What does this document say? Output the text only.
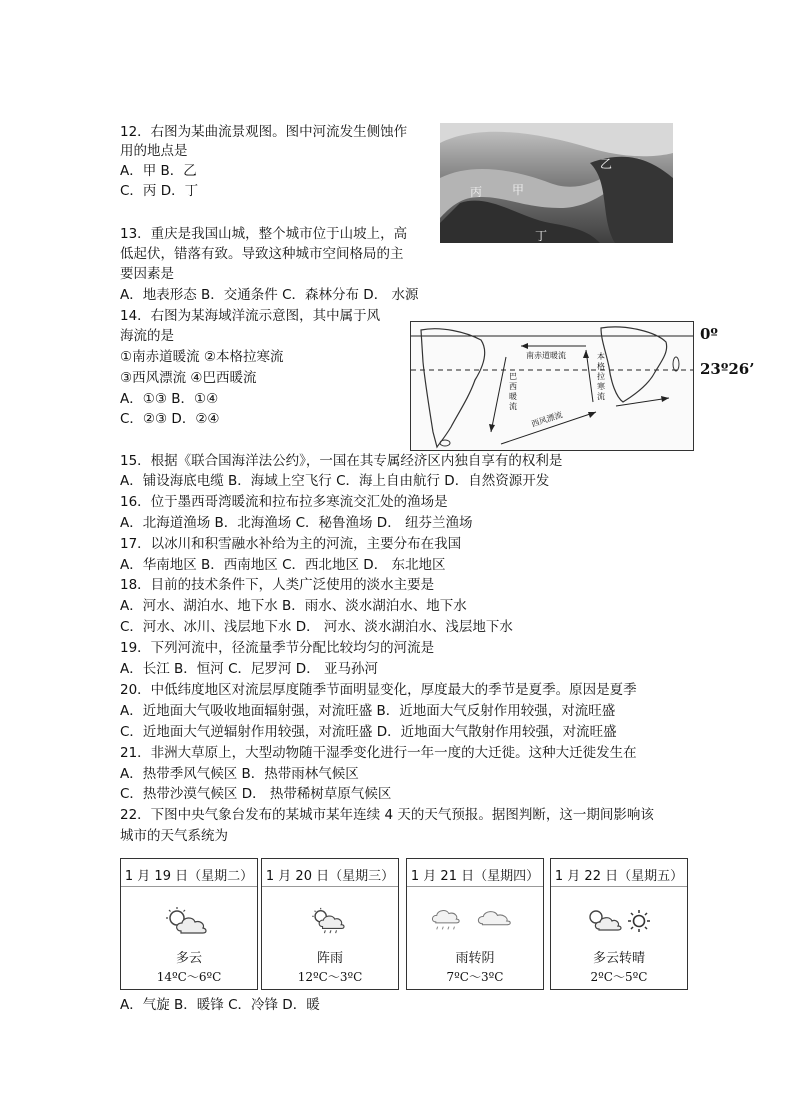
12．右图为某曲流景观图。图中河流发生侧蚀作
用的地点是
A．甲 B．乙
C．丙 D．丁
乙
丙 甲
丁
13．重庆是我国山城，整个城市位于山坡上，高
低起伏，错落有致。导致这种城市空间格局的主
要因素是
A．地表形态 B．交通条件 C．森林分布 D． 水源
14．右图为某海域洋流示意图，其中属于风
海流的是
①南赤道暖流 ②本格拉寒流
③西风漂流 ④巴西暖流
A．①③ B．①④
C．②③ D．②④
南赤道暖流
巴西暖流
本格拉寒流
西风漂流
0º
23º26’
15．根据《联合国海洋法公约》，一国在其专属经济区内独自享有的权利是
A．铺设海底电缆 B．海域上空飞行 C．海上自由航行 D．自然资源开发
16．位于墨西哥湾暖流和拉布拉多寒流交汇处的渔场是
A．北海道渔场 B．北海渔场 C．秘鲁渔场 D． 纽芬兰渔场
17．以冰川和积雪融水补给为主的河流，主要分布在我国
A．华南地区 B．西南地区 C．西北地区 D． 东北地区
18．目前的技术条件下，人类广泛使用的淡水主要是
A．河水、湖泊水、地下水 B．雨水、淡水湖泊水、地下水
C．河水、冰川、浅层地下水 D． 河水、淡水湖泊水、浅层地下水
19．下列河流中，径流量季节分配比较均匀的河流是
A．长江 B．恒河 C．尼罗河 D． 亚马孙河
20．中低纬度地区对流层厚度随季节面明显变化，厚度最大的季节是夏季。原因是夏季
A．近地面大气吸收地面辐射强，对流旺盛 B．近地面大气反射作用较强，对流旺盛
C．近地面大气逆辐射作用较强，对流旺盛 D．近地面大气散射作用较强，对流旺盛
21．非洲大草原上，大型动物随干湿季变化进行一年一度的大迁徙。这种大迁徙发生在
A．热带季风气候区 B．热带雨林气候区
C．热带沙漠气候区 D． 热带稀树草原气候区
22．下图中央气象台发布的某城市某年连续 4 天的天气预报。据图判断，这一期间影响该
城市的天气系统为
1 月 19 日（星期二）
多云
14ºC～6ºC
1 月 20 日（星期三）
阵雨
12ºC～3ºC
1 月 21 日（星期四）
雨转阴
7ºC～3ºC
1 月 22 日（星期五）
多云转晴
2ºC～5ºC
A．气旋 B．暖锋 C．冷锋 D．暖
